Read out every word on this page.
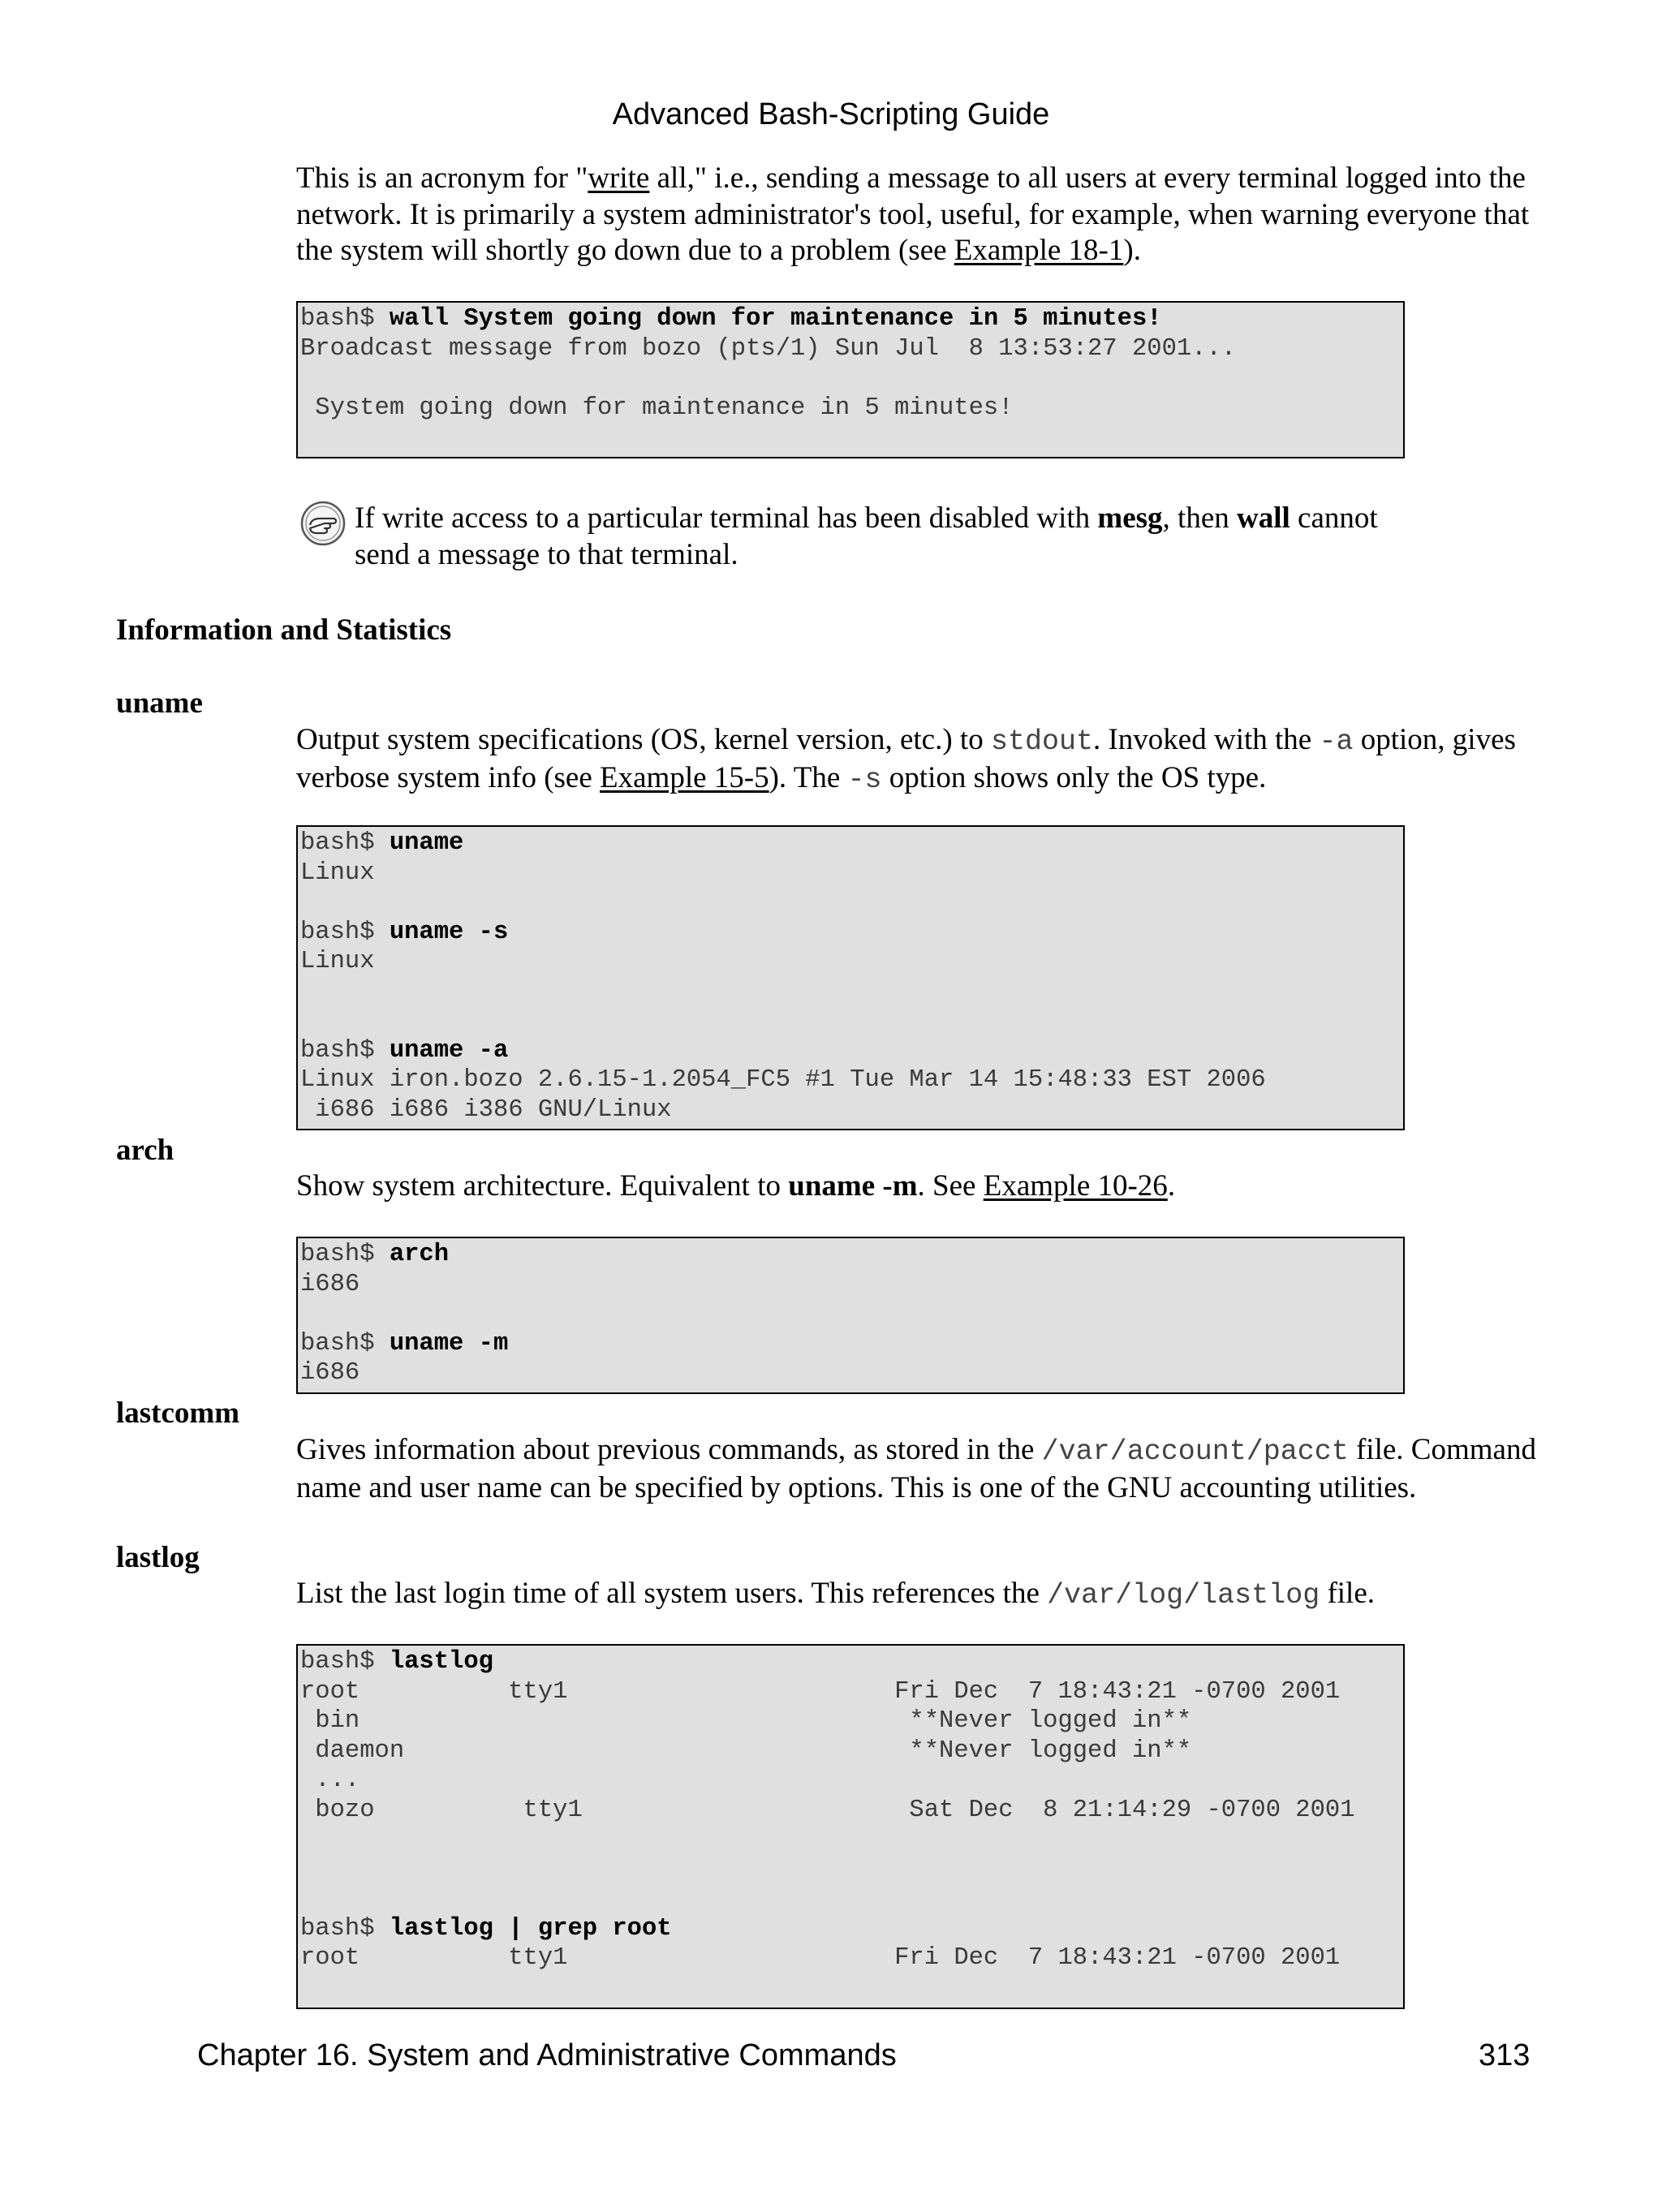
Advanced Bash-Scripting Guide
This is an acronym for "write all," i.e., sending a message to all users at every terminal logged into the network. It is primarily a system administrator's tool, useful, for example, when warning everyone that the system will shortly go down due to a problem (see Example 18-1).
bash$ wall System going down for maintenance in 5 minutes!
Broadcast message from bozo (pts/1) Sun Jul  8 13:53:27 2001...

System going down for maintenance in 5 minutes!
If write access to a particular terminal has been disabled with mesg, then wall cannot send a message to that terminal.
Information and Statistics
uname
Output system specifications (OS, kernel version, etc.) to stdout. Invoked with the -a option, gives verbose system info (see Example 15-5). The -s option shows only the OS type.
bash$ uname
Linux

bash$ uname -s
Linux

bash$ uname -a
Linux iron.bozo 2.6.15-1.2054_FC5 #1 Tue Mar 14 15:48:33 EST 2006
i686 i686 i386 GNU/Linux
arch
Show system architecture. Equivalent to uname -m. See Example 10-26.
bash$ arch
i686

bash$ uname -m
i686
lastcomm
Gives information about previous commands, as stored in the /var/account/pacct file. Command name and user name can be specified by options. This is one of the GNU accounting utilities.
lastlog
List the last login time of all system users. This references the /var/log/lastlog file.
bash$ lastlog
root          tty1                      Fri Dec  7 18:43:21 -0700 2001
bin                                     **Never logged in**
daemon                                  **Never logged in**
...
bozo          tty1                      Sat Dec  8 21:14:29 -0700 2001

bash$ lastlog | grep root
root          tty1                      Fri Dec  7 18:43:21 -0700 2001
Chapter 16. System and Administrative Commands	313
